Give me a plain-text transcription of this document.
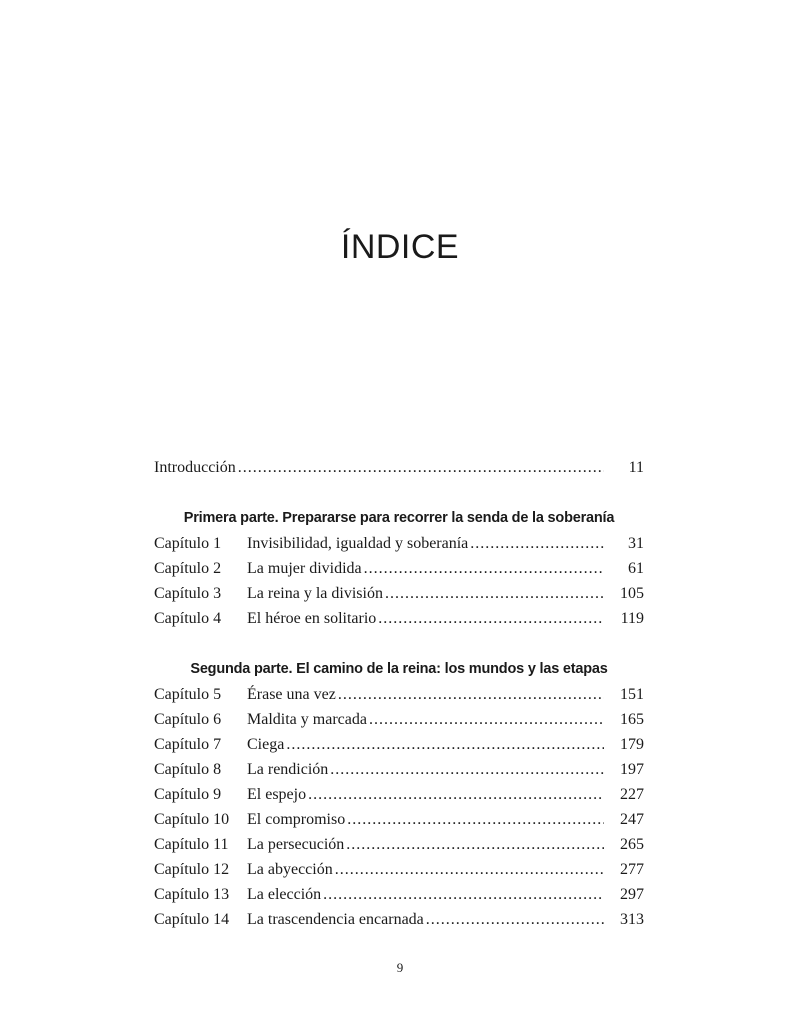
ÍNDICE
Introducción .....	11
Primera parte. Prepararse para recorrer la senda de la soberanía
Capítulo 1	Invisibilidad, igualdad y soberanía .....	31
Capítulo 2	La mujer dividida .....	61
Capítulo 3	La reina y la división .....	105
Capítulo 4	El héroe en solitario .....	119
Segunda parte. El camino de la reina: los mundos y las etapas
Capítulo 5	Érase una vez .....	151
Capítulo 6	Maldita y marcada .....	165
Capítulo 7	Ciega .....	179
Capítulo 8	La rendición .....	197
Capítulo 9	El espejo .....	227
Capítulo 10	El compromiso .....	247
Capítulo 11	La persecución .....	265
Capítulo 12	La abyección .....	277
Capítulo 13	La elección .....	297
Capítulo 14	La trascendencia encarnada .....	313
9
